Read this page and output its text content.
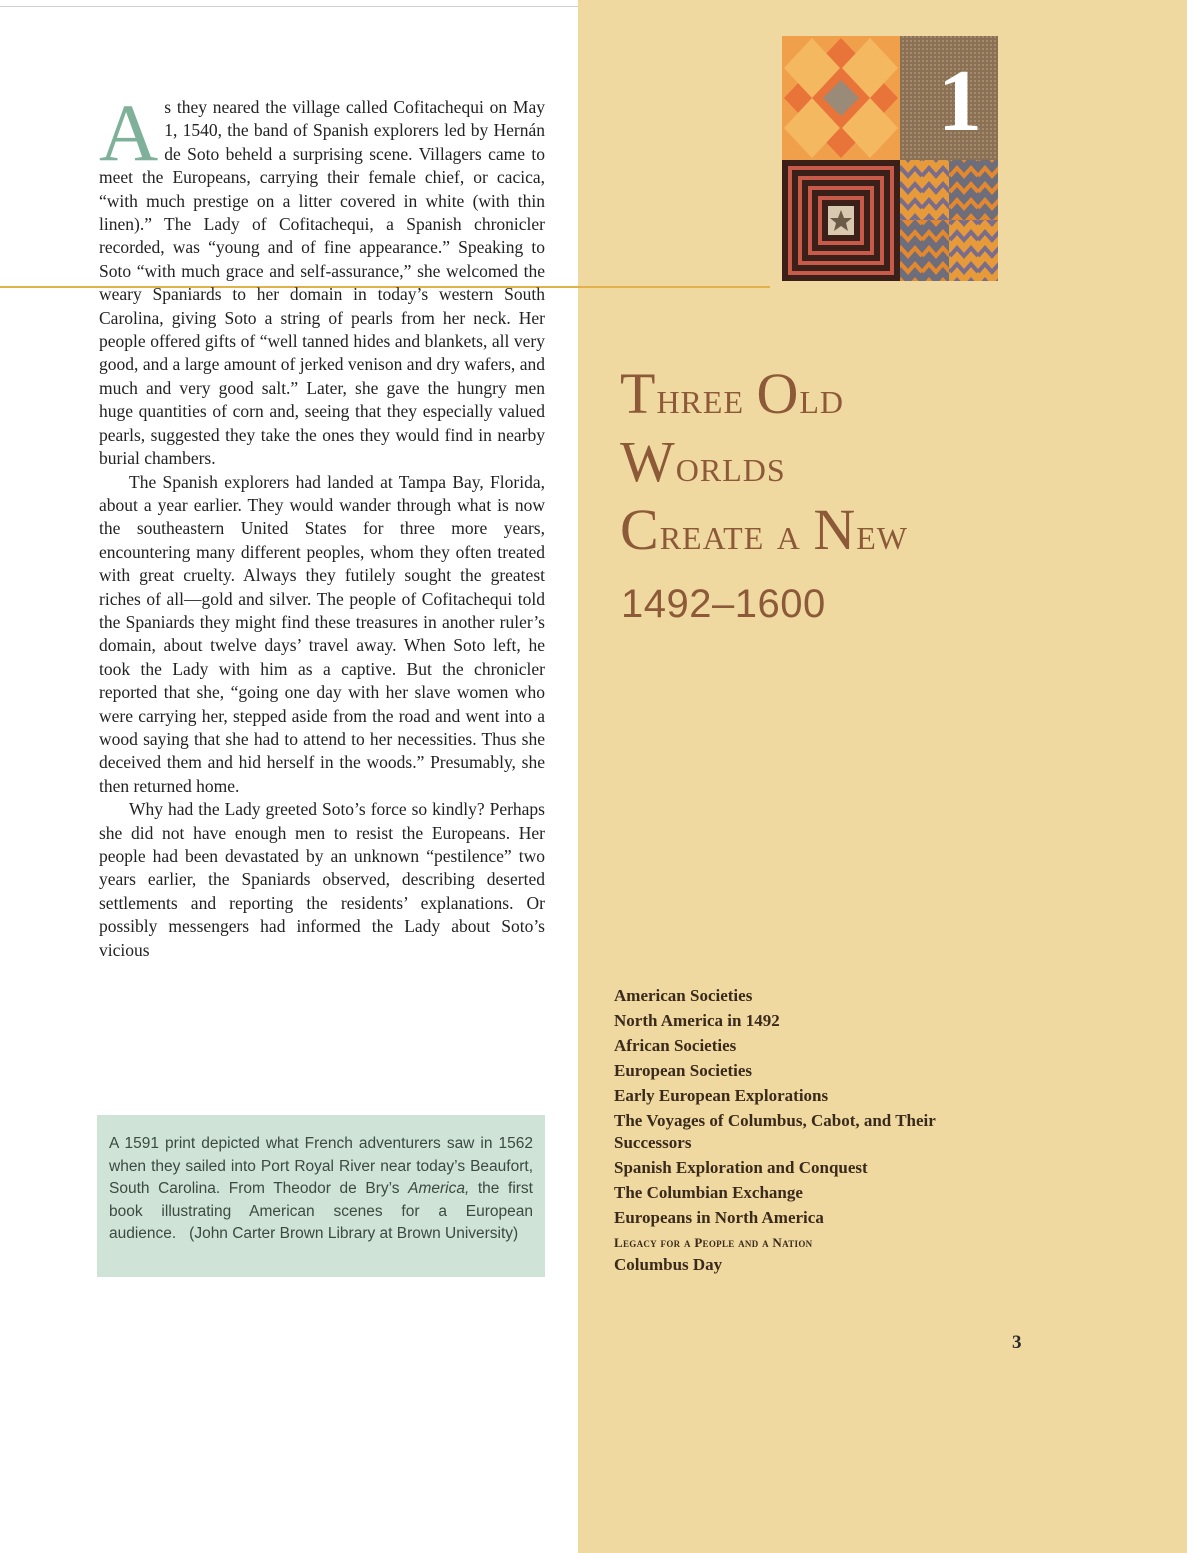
1
Three Old
Worlds
Create a New
1492–1600

As they neared the village called Cofitachequi on May 1, 1540, the band of Spanish explorers led by Hernán de Soto beheld a surprising scene. Villagers came to meet the Europeans, carrying their female chief, or cacica, “with much prestige on a litter covered in white (with thin linen).” The Lady of Cofitachequi, a Spanish chronicler recorded, was “young and of fine appearance.” Speaking to Soto “with much grace and self-assurance,” she welcomed the weary Spaniards to her domain in today’s western South Carolina, giving Soto a string of pearls from her neck. Her people offered gifts of “well tanned hides and blankets, all very good, and a large amount of jerked venison and dry wafers, and much and very good salt.” Later, she gave the hungry men huge quantities of corn and, seeing that they especially valued pearls, suggested they take the ones they would find in nearby burial chambers.

The Spanish explorers had landed at Tampa Bay, Florida, about a year earlier. They would wander through what is now the southeastern United States for three more years, encountering many different peoples, whom they often treated with great cruelty. Always they futilely sought the greatest riches of all—gold and silver. The people of Cofitachequi told the Spaniards they might find these treasures in another ruler’s domain, about twelve days’ travel away. When Soto left, he took the Lady with him as a captive. But the chronicler reported that she, “going one day with her slave women who were carrying her, stepped aside from the road and went into a wood saying that she had to attend to her necessities. Thus she deceived them and hid herself in the woods.” Presumably, she then returned home.

Why had the Lady greeted Soto’s force so kindly? Perhaps she did not have enough men to resist the Europeans. Her people had been devastated by an unknown “pestilence” two years earlier, the Spaniards observed, describing deserted settlements and reporting the residents’ explanations. Or possibly messengers had informed the Lady about Soto’s vicious

A 1591 print depicted what French adventurers saw in 1562 when they sailed into Port Royal River near today’s Beaufort, South Carolina. From Theodor de Bry’s America, the first book illustrating American scenes for a European audience. (John Carter Brown Library at Brown University)
American Societies
North America in 1492
African Societies
European Societies
Early European Explorations
The Voyages of Columbus, Cabot, and Their Successors
Spanish Exploration and Conquest
The Columbian Exchange
Europeans in North America
Legacy for a People and a Nation
Columbus Day
3
